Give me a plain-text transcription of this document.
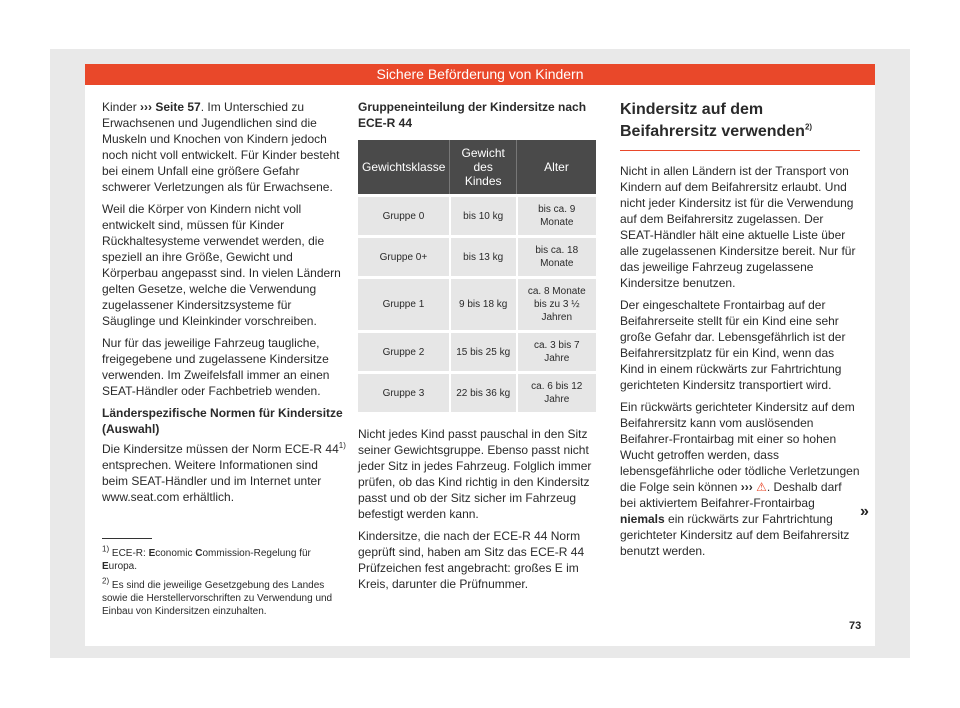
Sichere Beförderung von Kindern

Kinder ››› Seite 57. Im Unterschied zu Erwachsenen und Jugendlichen sind die Muskeln und Knochen von Kindern jedoch noch nicht voll entwickelt. Für Kinder besteht bei einem Unfall eine größere Gefahr schwerer Verletzungen als für Erwachsene.

Weil die Körper von Kindern nicht voll entwickelt sind, müssen für Kinder Rückhaltesysteme verwendet werden, die speziell an ihre Größe, Gewicht und Körperbau angepasst sind. In vielen Ländern gelten Gesetze, welche die Verwendung zugelassener Kindersitzsysteme für Säuglinge und Kleinkinder vorschreiben.

Nur für das jeweilige Fahrzeug taugliche, freigegebene und zugelassene Kindersitze verwenden. Im Zweifelsfall immer an einen SEAT-Händler oder Fachbetrieb wenden.

Länderspezifische Normen für Kindersitze (Auswahl)

Die Kindersitze müssen der Norm ECE-R 44$^{1)}$ entsprechen. Weitere Informationen sind beim SEAT-Händler und im Internet unter www.seat.com erhältlich.

Gruppeneinteilung der Kindersitze nach ECE-R 44
Gewichtsklasse	Gewicht des Kindes	Alter
Gruppe 0	bis 10 kg	bis ca. 9 Monate
Gruppe 0+	bis 13 kg	bis ca. 18 Monate
Gruppe 1	9 bis 18 kg	ca. 8 Monate bis zu 3 ½ Jahren
Gruppe 2	15 bis 25 kg	ca. 3 bis 7 Jahre
Gruppe 3	22 bis 36 kg	ca. 6 bis 12 Jahre

Nicht jedes Kind passt pauschal in den Sitz seiner Gewichtsgruppe. Ebenso passt nicht jeder Sitz in jedes Fahrzeug. Folglich immer prüfen, ob das Kind richtig in den Kindersitz passt und ob der Sitz sicher im Fahrzeug befestigt werden kann.

Kindersitze, die nach der ECE-R 44 Norm geprüft sind, haben am Sitz das ECE-R 44 Prüfzeichen fest angebracht: großes E im Kreis, darunter die Prüfnummer.

Kindersitz auf dem Beifahrersitz verwenden$^{2)}$

Nicht in allen Ländern ist der Transport von Kindern auf dem Beifahrersitz erlaubt. Und nicht jeder Kindersitz ist für die Verwendung auf dem Beifahrersitz zugelassen. Der SEAT-Händler hält eine aktuelle Liste über alle zugelassenen Kindersitze bereit. Nur für das jeweilige Fahrzeug zugelassene Kindersitze benutzen.

Der eingeschaltete Frontairbag auf der Beifahrerseite stellt für ein Kind eine sehr große Gefahr dar. Lebensgefährlich ist der Beifahrersitzplatz für ein Kind, wenn das Kind in einem rückwärts zur Fahrtrichtung gerichteten Kindersitz transportiert wird.

Ein rückwärts gerichteter Kindersitz auf dem Beifahrersitz kann vom auslösenden Beifahrer-Frontairbag mit einer so hohen Wucht getroffen werden, dass lebensgefährliche oder tödliche Verletzungen die Folge sein können ››› ⚠. Deshalb darf bei aktiviertem Beifahrer-Frontairbag niemals ein rückwärts zur Fahrtrichtung gerichteter Kindersitz auf dem Beifahrersitz benutzt werden.

$^{1)}$ ECE-R: Economic Commission-Regelung für Europa.

$^{2)}$ Es sind die jeweilige Gesetzgebung des Landes sowie die Herstellervorschriften zu Verwendung und Einbau von Kindersitzen einzuhalten.

»
73
